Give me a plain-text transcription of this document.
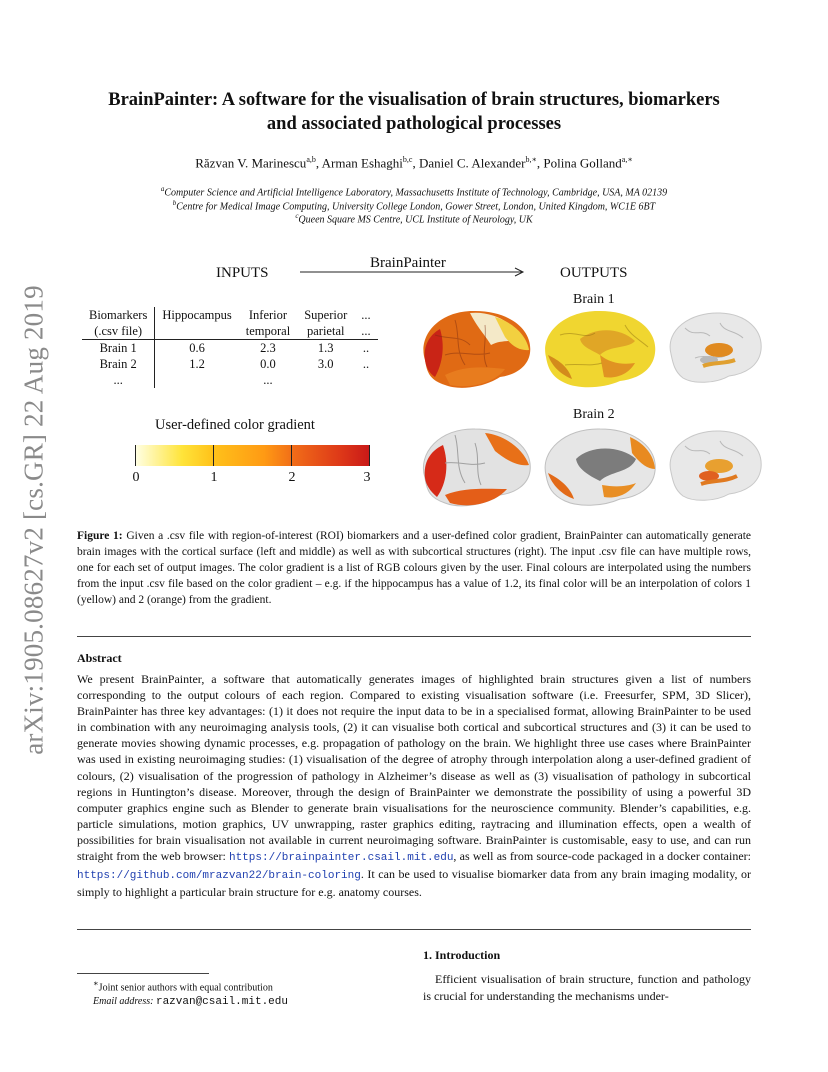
arXiv:1905.08627v2 [cs.GR] 22 Aug 2019
BrainPainter: A software for the visualisation of brain structures, biomarkers
and associated pathological processes
Răzvan V. Marinescu$^{a,b}$, Arman Eshaghi$^{b,c}$, Daniel C. Alexander$^{b,∗}$, Polina Golland$^{a,∗}$
$^a$Computer Science and Artificial Intelligence Laboratory, Massachusetts Institute of Technology, Cambridge, USA, MA 02139
$^b$Centre for Medical Image Computing, University College London, Gower Street, London, United Kingdom, WC1E 6BT
$^c$Queen Square MS Centre, UCL Institute of Neurology, UK
INPUTS
BrainPainter
OUTPUTS
Brain 1
Brain 2
Biomarkers	Hippocampus	Inferior	Superior	...
(.csv file)		temporal	parietal	...
Brain 1	0.6	2.3	1.3	..
Brain 2	1.2	0.0	3.0	..
...		...		
User-defined color gradient
0	1	2	3
Figure 1: Given a .csv file with region-of-interest (ROI) biomarkers and a user-defined color gradient, BrainPainter can automatically generate brain images with the cortical surface (left and middle) as well as with subcortical structures (right). The input .csv file can have multiple rows, one for each set of output images. The color gradient is a list of RGB colours given by the user. Final colours are interpolated using the numbers from the input .csv file based on the color gradient – e.g. if the hippocampus has a value of 1.2, its final color will be an interpolation of colors 1 (yellow) and 2 (orange) from the gradient.
Abstract
We present BrainPainter, a software that automatically generates images of highlighted brain structures given a list of numbers corresponding to the output colours of each region. Compared to existing visualisation software (i.e. Freesurfer, SPM, 3D Slicer), BrainPainter has three key advantages: (1) it does not require the input data to be in a specialised format, allowing BrainPainter to be used in combination with any neuroimaging analysis tools, (2) it can visualise both cortical and subcortical structures and (3) it can be used to generate movies showing dynamic processes, e.g. propagation of pathology on the brain. We highlight three use cases where BrainPainter was used in existing neuroimaging studies: (1) visualisation of the degree of atrophy through interpolation along a user-defined gradient of colours, (2) visualisation of the progression of pathology in Alzheimer’s disease as well as (3) visualisation of pathology in subcortical regions in Huntington’s disease. Moreover, through the design of BrainPainter we demonstrate the possibility of using a powerful 3D computer graphics engine such as Blender to generate brain visualisations for the neuroscience community. Blender’s capabilities, e.g. particle simulations, motion graphics, UV unwrapping, raster graphics editing, raytracing and illumination effects, open a wealth of possibilities for brain visualisation not available in current neuroimaging software. BrainPainter is customisable, easy to use, and can run straight from the web browser: https://brainpainter.csail.mit.edu, as well as from source-code packaged in a docker container: https://github.com/mrazvan22/brain-coloring. It can be used to visualise biomarker data from any brain imaging modality, or simply to highlight a particular brain structure for e.g. anatomy courses.
∗Joint senior authors with equal contribution
Email address: razvan@csail.mit.edu
1. Introduction
Efficient visualisation of brain structure, function and pathology is crucial for understanding the mechanisms under-
